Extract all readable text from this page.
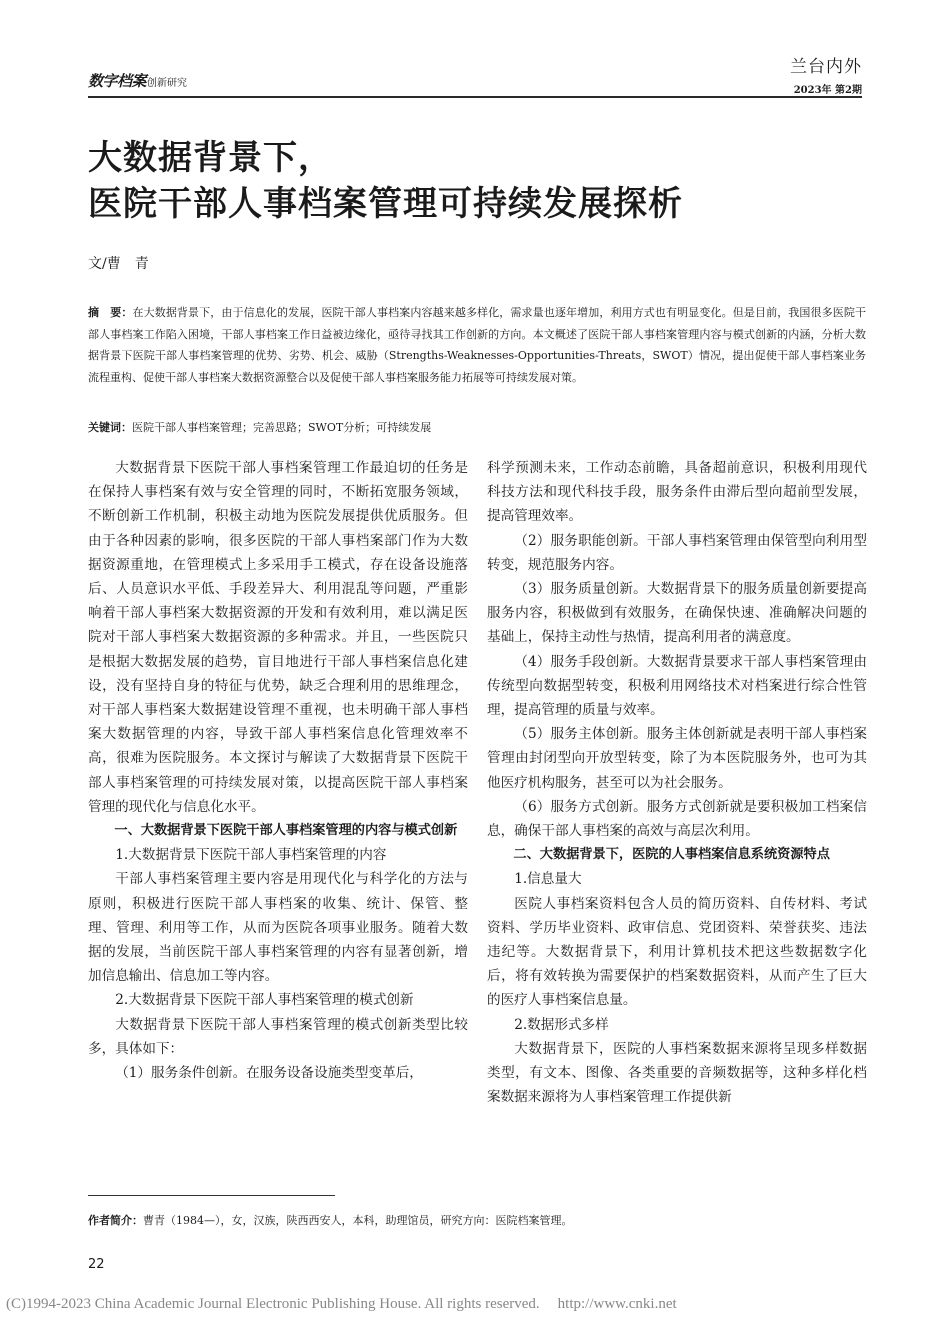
数字档案创新研究
兰台内外
2023年 第2期
大数据背景下，
医院干部人事档案管理可持续发展探析
文/曹　青
摘　要：在大数据背景下，由于信息化的发展，医院干部人事档案内容越来越多样化，需求量也逐年增加，利用方式也有明显变化。但是目前，我国很多医院干部人事档案工作陷入困境，干部人事档案工作日益被边缘化，亟待寻找其工作创新的方向。本文概述了医院干部人事档案管理内容与模式创新的内涵，分析大数据背景下医院干部人事档案管理的优势、劣势、机会、威胁（Strengths-Weaknesses-Opportunities-Threats，SWOT）情况，提出促使干部人事档案业务流程重构、促使干部人事档案大数据资源整合以及促使干部人事档案服务能力拓展等可持续发展对策。
关键词：医院干部人事档案管理；完善思路；SWOT分析；可持续发展

大数据背景下医院干部人事档案管理工作最迫切的任务是在保持人事档案有效与安全管理的同时，不断拓宽服务领域，不断创新工作机制，积极主动地为医院发展提供优质服务。但由于各种因素的影响，很多医院的干部人事档案部门作为大数据资源重地，在管理模式上多采用手工模式，存在设备设施落后、人员意识水平低、手段差异大、利用混乱等问题，严重影响着干部人事档案大数据资源的开发和有效利用，难以满足医院对干部人事档案大数据资源的多种需求。并且，一些医院只是根据大数据发展的趋势，盲目地进行干部人事档案信息化建设，没有坚持自身的特征与优势，缺乏合理利用的思维理念，对干部人事档案大数据建设管理不重视，也未明确干部人事档案大数据管理的内容，导致干部人事档案信息化管理效率不高，很难为医院服务。本文探讨与解读了大数据背景下医院干部人事档案管理的可持续发展对策，以提高医院干部人事档案管理的现代化与信息化水平。

一、大数据背景下医院干部人事档案管理的内容与模式创新

1.大数据背景下医院干部人事档案管理的内容

干部人事档案管理主要内容是用现代化与科学化的方法与原则，积极进行医院干部人事档案的收集、统计、保管、整理、管理、利用等工作，从而为医院各项事业服务。随着大数据的发展，当前医院干部人事档案管理的内容有显著创新，增加信息输出、信息加工等内容。

2.大数据背景下医院干部人事档案管理的模式创新

大数据背景下医院干部人事档案管理的模式创新类型比较多，具体如下：

（1）服务条件创新。在服务设备设施类型变革后，

科学预测未来，工作动态前瞻，具备超前意识，积极利用现代科技方法和现代科技手段，服务条件由滞后型向超前型发展，提高管理效率。

（2）服务职能创新。干部人事档案管理由保管型向利用型转变，规范服务内容。

（3）服务质量创新。大数据背景下的服务质量创新要提高服务内容，积极做到有效服务，在确保快速、准确解决问题的基础上，保持主动性与热情，提高利用者的满意度。

（4）服务手段创新。大数据背景要求干部人事档案管理由传统型向数据型转变，积极利用网络技术对档案进行综合性管理，提高管理的质量与效率。

（5）服务主体创新。服务主体创新就是表明干部人事档案管理由封闭型向开放型转变，除了为本医院服务外，也可为其他医疗机构服务，甚至可以为社会服务。

（6）服务方式创新。服务方式创新就是要积极加工档案信息，确保干部人事档案的高效与高层次利用。

二、大数据背景下，医院的人事档案信息系统资源特点

1.信息量大

医院人事档案资料包含人员的简历资料、自传材料、考试资料、学历毕业资料、政审信息、党团资料、荣誉获奖、违法违纪等。大数据背景下，利用计算机技术把这些数据数字化后，将有效转换为需要保护的档案数据资料，从而产生了巨大的医疗人事档案信息量。

2.数据形式多样

大数据背景下，医院的人事档案数据来源将呈现多样数据类型，有文本、图像、各类重要的音频数据等，这种多样化档案数据来源将为人事档案管理工作提供新

作者简介：曹青（1984—），女，汉族，陕西西安人，本科，助理馆员，研究方向：医院档案管理。
22
(C)1994-2023 China Academic Journal Electronic Publishing House. All rights reserved. http://www.cnki.net
